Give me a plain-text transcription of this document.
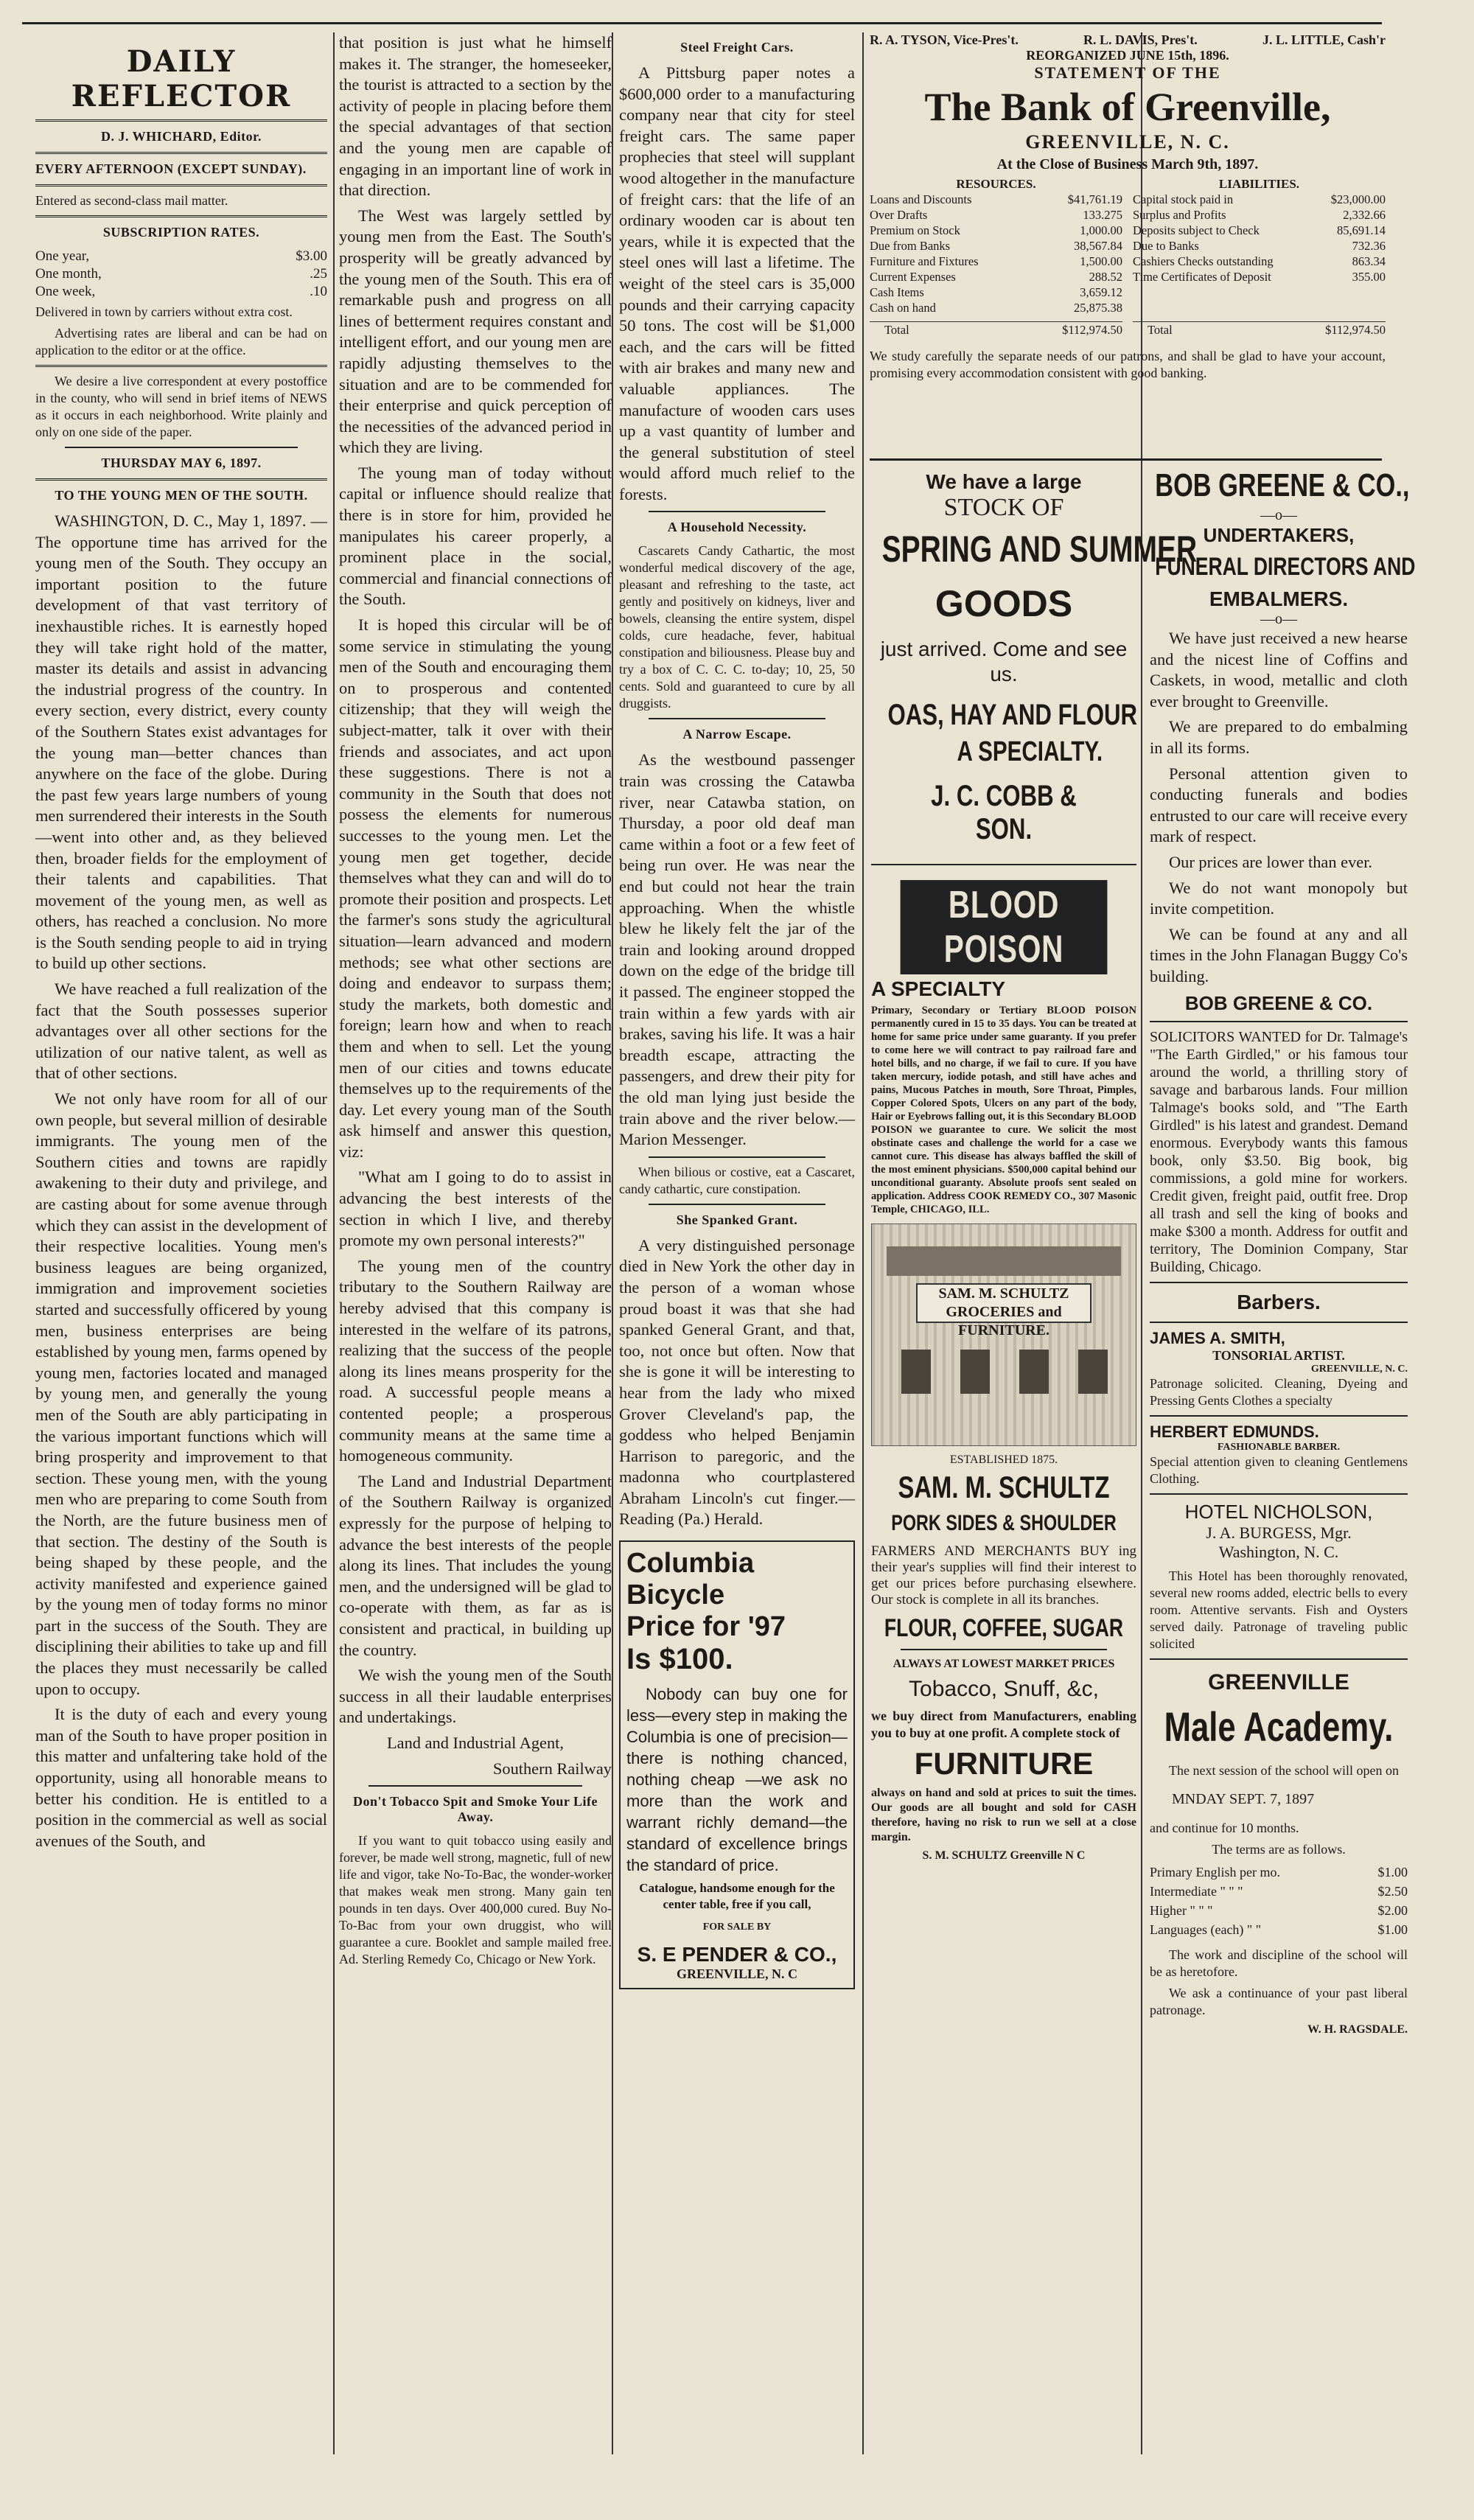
DAILY REFLECTOR
D. J. WHICHARD, Editor.
EVERY AFTERNOON (EXCEPT SUNDAY).

Entered as second-class mail matter.

SUBSCRIPTION RATES.
One year,	$3.00
One month,	.25
One week,	.10

Delivered in town by carriers without extra cost.

Advertising rates are liberal and can be had on application to the editor or at the office.

We desire a live correspondent at every postoffice in the county, who will send in brief items of NEWS as it occurs in each neighborhood. Write plainly and only on one side of the paper.

THURSDAY MAY 6, 1897.
TO THE YOUNG MEN OF THE SOUTH.

WASHINGTON, D. C., May 1, 1897. —The opportune time has arrived for the young men of the South. They occupy an important position to the future development of that vast territory of inexhaustible riches. It is earnestly hoped they will take right hold of the matter, master its details and assist in advancing the industrial progress of the country. In every section, every district, every county of the Southern States exist advantages for the young man—better chances than anywhere on the face of the globe. During the past few years large numbers of young men surrendered their interests in the South—went into other and, as they believed then, broader fields for the employment of their talents and capabilities. That movement of the young men, as well as others, has reached a conclusion. No more is the South sending people to aid in trying to build up other sections.

We have reached a full realization of the fact that the South possesses superior advantages over all other sections for the utilization of our native talent, as well as that of other sections.

We not only have room for all of our own people, but several million of desirable immigrants. The young men of the Southern cities and towns are rapidly awakening to their duty and privilege, and are casting about for some avenue through which they can assist in the development of their respective localities. Young men's business leagues are being organized, immigration and improvement societies started and successfully officered by young men, business enterprises are being established by young men, farms opened by young men, factories located and managed by young men, and generally the young men of the South are ably participating in the various important functions which will bring prosperity and improvement to that section. These young men, with the young men who are preparing to come South from the North, are the future business men of that section. The destiny of the South is being shaped by these people, and the activity manifested and experience gained by the young men of today forms no minor part in the success of the South. They are disciplining their abilities to take up and fill the places they must necessarily be called upon to occupy.

It is the duty of each and every young man of the South to have proper position in this matter and unfaltering take hold of the opportunity, using all honorable means to better his condition. He is entitled to a position in the commercial as well as social avenues of the South, and

that position is just what he himself makes it. The stranger, the homeseeker, the tourist is attracted to a section by the activity of people in placing before them the special advantages of that section and the young men are capable of engaging in an important line of work in that direction.

The West was largely settled by young men from the East. The South's prosperity will be greatly advanced by the young men of the South. This era of remarkable push and progress on all lines of betterment requires constant and intelligent effort, and our young men are rapidly adjusting themselves to the situation and are to be commended for their enterprise and quick perception of the necessities of the advanced period in which they are living.

The young man of today without capital or influence should realize that there is in store for him, provided he manipulates his career properly, a prominent place in the social, commercial and financial connections of the South.

It is hoped this circular will be of some service in stimulating the young men of the South and encouraging them on to prosperous and contented citizenship; that they will weigh the subject-matter, talk it over with their friends and associates, and act upon these suggestions. There is not a community in the South that does not possess the elements for numerous successes to the young men. Let the young men get together, decide themselves what they can and will do to promote their position and prospects. Let the farmer's sons study the agricultural situation—learn advanced and modern methods; see what other sections are doing and endeavor to surpass them; study the markets, both domestic and foreign; learn how and when to reach them and when to sell. Let the young men of our cities and towns educate themselves up to the requirements of the day. Let every young man of the South ask himself and answer this question, viz:

"What am I going to do to assist in advancing the best interests of the section in which I live, and thereby promote my own personal interests?"

The young men of the country tributary to the Southern Railway are hereby advised that this company is interested in the welfare of its patrons, realizing that the success of the people along its lines means prosperity for the road. A successful people means a contented people; a prosperous community means at the same time a homogeneous community.

The Land and Industrial Department of the Southern Railway is organized expressly for the purpose of helping to advance the best interests of the people along its lines. That includes the young men, and the undersigned will be glad to co-operate with them, as far as is consistent and practical, in building up the country.

We wish the young men of the South success in all their laudable enterprises and undertakings.

Land and Industrial Agent,

Southern Railway

Don't Tobacco Spit and Smoke Your Life Away.

If you want to quit tobacco using easily and forever, be made well strong, magnetic, full of new life and vigor, take No-To-Bac, the wonder-worker that makes weak men strong. Many gain ten pounds in ten days. Over 400,000 cured. Buy No-To-Bac from your own druggist, who will guarantee a cure. Booklet and sample mailed free. Ad. Sterling Remedy Co, Chicago or New York.

Steel Freight Cars.

A Pittsburg paper notes a $600,000 order to a manufacturing company near that city for steel freight cars. The same paper prophecies that steel will supplant wood altogether in the manufacture of freight cars: that the life of an ordinary wooden car is about ten years, while it is expected that the steel ones will last a lifetime. The weight of the steel cars is 35,000 pounds and their carrying capacity 50 tons. The cost will be $1,000 each, and the cars will be fitted with air brakes and many new and valuable appliances. The manufacture of wooden cars uses up a vast quantity of lumber and the general substitution of steel would afford much relief to the forests.

A Household Necessity.

Cascarets Candy Cathartic, the most wonderful medical discovery of the age, pleasant and refreshing to the taste, act gently and positively on kidneys, liver and bowels, cleansing the entire system, dispel colds, cure headache, fever, habitual constipation and biliousness. Please buy and try a box of C. C. C. to-day; 10, 25, 50 cents. Sold and guaranteed to cure by all druggists.

A Narrow Escape.

As the westbound passenger train was crossing the Catawba river, near Catawba station, on Thursday, a poor old deaf man came within a foot or a few feet of being run over. He was near the end but could not hear the train approaching. When the whistle blew he likely felt the jar of the train and looking around dropped down on the edge of the bridge till it passed. The engineer stopped the train within a few yards with air brakes, saving his life. It was a hair breadth escape, attracting the passengers, and drew their pity for the old man lying just beside the train above and the river below.—Marion Messenger.

When bilious or costive, eat a Cascaret, candy cathartic, cure constipation.

She Spanked Grant.

A very distinguished personage died in New York the other day in the person of a woman whose proud boast it was that she had spanked General Grant, and that, too, not once but often. Now that she is gone it will be interesting to hear from the lady who mixed Grover Cleveland's pap, the goddess who helped Benjamin Harrison to paregoric, and the madonna who courtplastered Abraham Lincoln's cut finger.—Reading (Pa.) Herald.

Columbia Bicycle
Price for '97
Is $100.

Nobody can buy one for less—every step in making the Columbia is one of precision—there is nothing chanced, nothing cheap —we ask no more than the work and warrant richly demand—the standard of excellence brings the standard of price.

Catalogue, handsome enough for the center table, free if you call,

FOR SALE BY

S. E PENDER & CO.,
GREENVILLE, N. C
R. A. TYSON, Vice-Pres't.	R. L. DAVIS, Pres't.	J. L. LITTLE, Cash'r
REORGANIZED JUNE 15th, 1896.
STATEMENT OF THE
The Bank of Greenville,
GREENVILLE, N. C.
At the Close of Business March 9th, 1897.
RESOURCES.
Loans and Discounts	$41,761.19
Over Drafts	133.275
Premium on Stock	1,000.00
Due from Banks	38,567.84
Furniture and Fixtures	1,500.00
Current Expenses	288.52
Cash Items	3,659.12
Cash on hand	25,875.38
Total	$112,974.50
LIABILITIES.
Capital stock paid in	$23,000.00
Surplus and Profits	2,332.66
Deposits subject to Check	85,691.14
Due to Banks	732.36
Cashiers Checks outstanding	863.34
Time Certificates of Deposit	355.00
Total	$112,974.50

We study carefully the separate needs of our patrons, and shall be glad to have your account, promising every accommodation consistent with good banking.

We have a large
STOCK OF
SPRING AND SUMMER
GOODS
just arrived. Come and see us.
OAS, HAY AND FLOUR
A SPECIALTY.
J. C. COBB & SON.
BLOOD POISON
A SPECIALTY

Primary, Secondary or Tertiary BLOOD POISON permanently cured in 15 to 35 days. You can be treated at home for same price under same guaranty. If you prefer to come here we will contract to pay railroad fare and hotel bills, and no charge, if we fail to cure. If you have taken mercury, iodide potash, and still have aches and pains, Mucous Patches in mouth, Sore Throat, Pimples, Copper Colored Spots, Ulcers on any part of the body, Hair or Eyebrows falling out, it is this Secondary BLOOD POISON we guarantee to cure. We solicit the most obstinate cases and challenge the world for a case we cannot cure. This disease has always baffled the skill of the most eminent physicians. $500,000 capital behind our unconditional guaranty. Absolute proofs sent sealed on application. Address COOK REMEDY CO., 307 Masonic Temple, CHICAGO, ILL.

SAM. M. SCHULTZ GROCERIES and FURNITURE.
ESTABLISHED 1875.
SAM. M. SCHULTZ
PORK SIDES & SHOULDER

FARMERS AND MERCHANTS BUY ing their year's supplies will find their interest to get our prices before purchasing elsewhere. Our stock is complete in all its branches.

FLOUR, COFFEE, SUGAR
ALWAYS AT LOWEST MARKET PRICES
Tobacco, Snuff, &c,

we buy direct from Manufacturers, enabling you to buy at one profit. A complete stock of

FURNITURE

always on hand and sold at prices to suit the times. Our goods are all bought and sold for CASH therefore, having no risk to run we sell at a close margin.

S. M. SCHULTZ Greenville N C
BOB GREENE & CO.,
—o—
UNDERTAKERS,
FUNERAL DIRECTORS AND
EMBALMERS.
—o—

We have just received a new hearse and the nicest line of Coffins and Caskets, in wood, metallic and cloth ever brought to Greenville.

We are prepared to do embalming in all its forms.

Personal attention given to conducting funerals and bodies entrusted to our care will receive every mark of respect.

Our prices are lower than ever.

We do not want monopoly but invite competition.

We can be found at any and all times in the John Flanagan Buggy Co's building.

BOB GREENE & CO.

SOLICITORS WANTED for Dr. Talmage's "The Earth Girdled," or his famous tour around the world, a thrilling story of savage and barbarous lands. Four million Talmage's books sold, and "The Earth Girdled" is his latest and grandest. Demand enormous. Everybody wants this famous book, only $3.50. Big book, big commissions, a gold mine for workers. Credit given, freight paid, outfit free. Drop all trash and sell the king of books and make $300 a month. Address for outfit and territory, The Dominion Company, Star Building, Chicago.

Barbers.
JAMES A. SMITH,
TONSORIAL ARTIST.
GREENVILLE, N. C.

Patronage solicited. Cleaning, Dyeing and Pressing Gents Clothes a specialty

HERBERT EDMUNDS.
FASHIONABLE BARBER.

Special attention given to cleaning Gentlemens Clothing.

HOTEL NICHOLSON,
J. A. BURGESS, Mgr.
Washington, N. C.

This Hotel has been thoroughly renovated, several new rooms added, electric bells to every room. Attentive servants. Fish and Oysters served daily. Patronage of traveling public solicited

GREENVILLE
Male Academy.

The next session of the school will open on

MNDAY SEPT. 7, 1897

and continue for 10 months.

The terms are as follows.

Primary English per mo.	$1.00
Intermediate " " "	$2.50
Higher " " "	$2.00
Languages (each) " "	$1.00

The work and discipline of the school will be as heretofore.

We ask a continuance of your past liberal patronage.

W. H. RAGSDALE.
